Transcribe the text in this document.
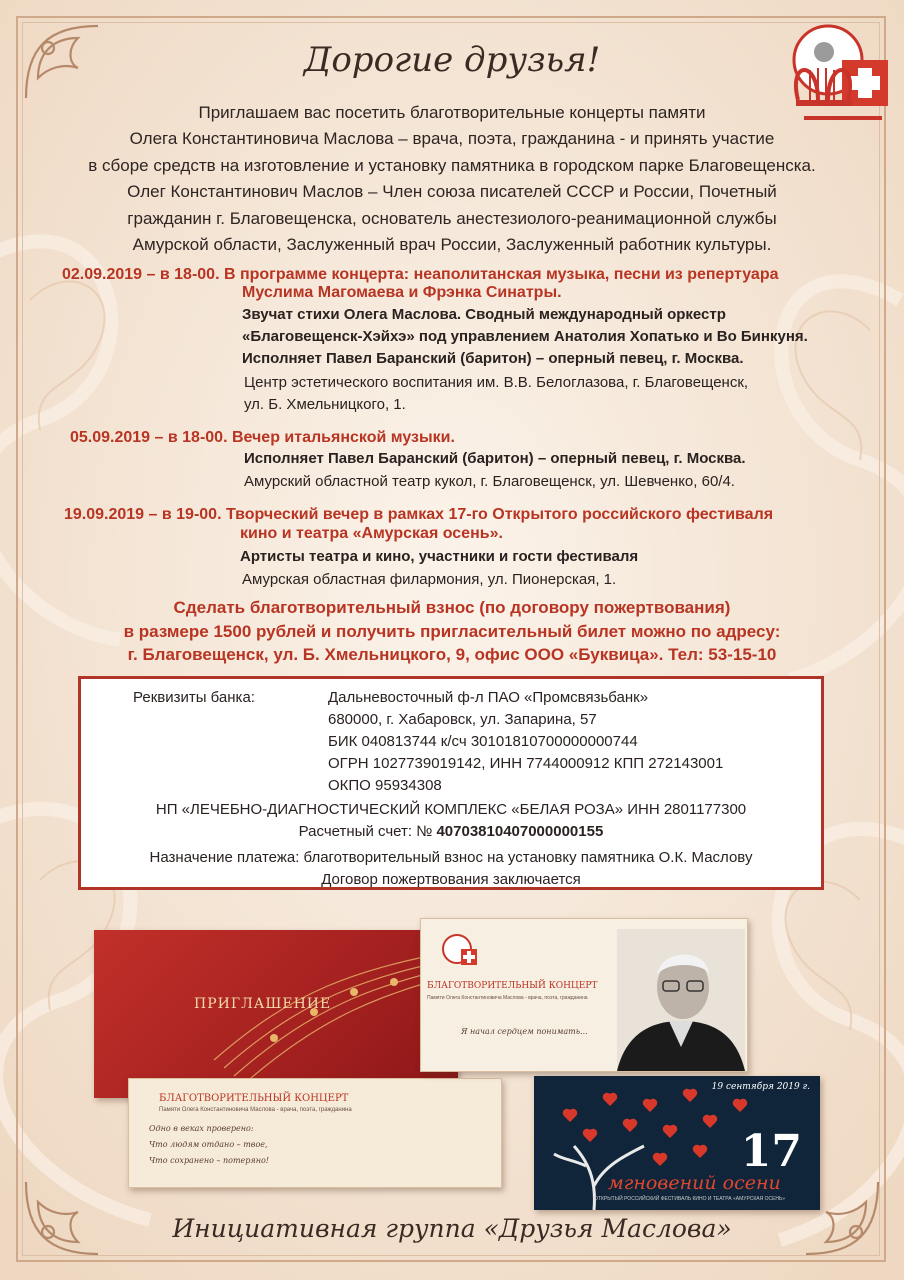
Дорогие друзья!
Приглашаем вас посетить благотворительные концерты памяти
Олега Константиновича Маслова – врача, поэта, гражданина - и принять участие
в сборе средств на изготовление и установку памятника в городском парке Благовещенска.
Олег Константинович Маслов – Член союза писателей СССР и России, Почетный
гражданин г. Благовещенска, основатель анестезиолого-реанимационной службы
Амурской области, Заслуженный врач России, Заслуженный работник культуры.
02.09.2019 – в 18-00. В программе концерта: неаполитанская музыка, песни из репертуара
Муслима Магомаева и Фрэнка Синатры.
Звучат стихи Олега Маслова. Сводный международный оркестр
«Благовещенск-Хэйхэ» под управлением Анатолия Хопатько и Во Бинкуня.
Исполняет Павел Баранский (баритон) – оперный певец, г. Москва.
Центр эстетического воспитания им. В.В. Белоглазова, г. Благовещенск,
ул. Б. Хмельницкого, 1.
05.09.2019 – в 18-00. Вечер итальянской музыки.
Исполняет Павел Баранский (баритон) – оперный певец, г. Москва.
Амурский областной театр кукол, г. Благовещенск, ул. Шевченко, 60/4.
19.09.2019 – в 19-00. Творческий вечер в рамках 17-го Открытого российского фестиваля
кино и театра «Амурская осень».
Артисты театра и кино, участники и гости фестиваля
Амурская областная филармония, ул. Пионерская, 1.
Сделать благотворительный взнос (по договору пожертвования)
в размере 1500 рублей и получить пригласительный билет можно по адресу:
г. Благовещенск, ул. Б. Хмельницкого, 9, офис ООО «Буквица». Тел: 53-15-10
Реквизиты банка:	Дальневосточный ф-л ПАО «Промсвязьбанк»
680000, г. Хабаровск, ул. Запарина, 57
БИК 040813744 к/сч 30101810700000000744
ОГРН 1027739019142, ИНН 7744000912 КПП 272143001
ОКПО 95934308
НП «ЛЕЧЕБНО-ДИАГНОСТИЧЕСКИЙ КОМПЛЕКС «БЕЛАЯ РОЗА» ИНН 2801177300
Расчетный счет: № 40703810407000000155
Назначение платежа: благотворительный взнос на установку памятника О.К. Маслову
Договор пожертвования заключается
ПРИГЛАШЕНИЕ
БЛАГОТВОРИТЕЛЬНЫЙ КОНЦЕРТ
Памяти Олега Константиновича Маслова - врача, поэта, гражданина
Одно в веках проверено:
Что людям отдано – твое,
Что сохранено – потеряно!
БЛАГОТВОРИТЕЛЬНЫЙ КОНЦЕРТ
Памяти Олега Константиновича Маслова - врача, поэта, гражданина
Я начал сердцем понимать...
19 сентября 2019 г.
17
мгновений осени
ОТКРЫТЫЙ РОССИЙСКИЙ ФЕСТИВАЛЬ КИНО И ТЕАТРА «АМУРСКАЯ ОСЕНЬ»
Инициативная группа «Друзья Маслова»
